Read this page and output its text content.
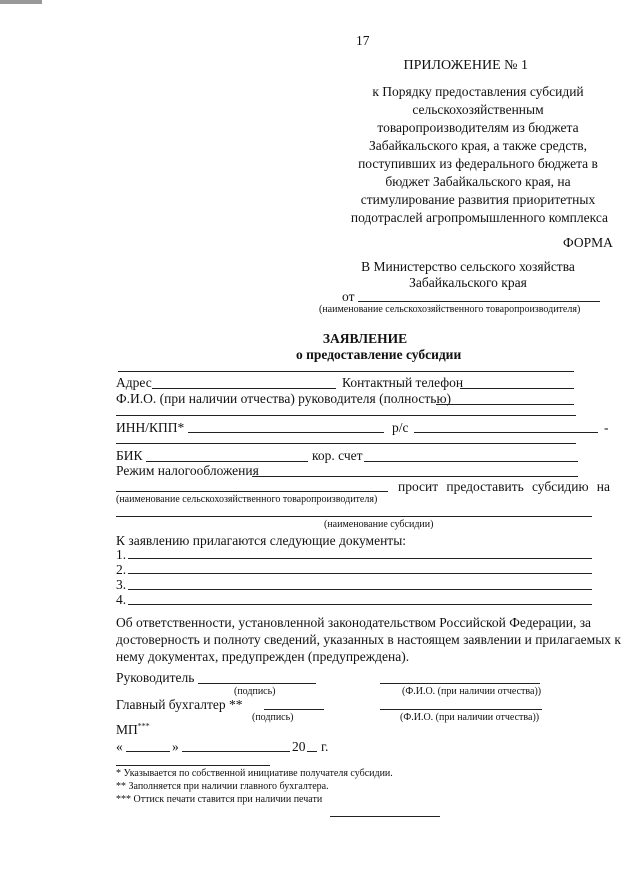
17
ПРИЛОЖЕНИЕ № 1
к Порядку предоставления субсидий
сельскохозяйственным
товаропроизводителям из бюджета
Забайкальского края, а также средств,
поступивших из федерального бюджета в
бюджет Забайкальского края, на
стимулирование развития приоритетных
подотраслей агропромышленного комплекса
ФОРМА
В Министерство сельского хозяйства
Забайкальского края
от
(наименование сельскохозяйственного товаропроизводителя)
ЗАЯВЛЕНИЕ
о предоставление субсидии
Адрес	Контактный телефон
Ф.И.О. (при наличии отчества) руководителя (полностью)
ИНН/КПП*	р/с	-
БИК	кор. счет
Режим налогообложения
просит предоставить субсидию на
(наименование сельскохозяйственного товаропроизводителя)
(наименование субсидии)
К заявлению прилагаются следующие документы:
1.
2.
3.
4.
Об ответственности, установленной законодательством Российской Федерации, за
достоверность и полноту сведений, указанных в настоящем заявлении и прилагаемых к
нему документах, предупрежден (предупреждена).
Руководитель
(подпись)	(Ф.И.О. (при наличии отчества))
Главный бухгалтер **
(подпись)	(Ф.И.О. (при наличии отчества))
МП***
«	»	20 г.
* Указывается по собственной инициативе получателя субсидии.
** Заполняется при наличии главного бухгалтера.
*** Оттиск печати ставится при наличии печати
